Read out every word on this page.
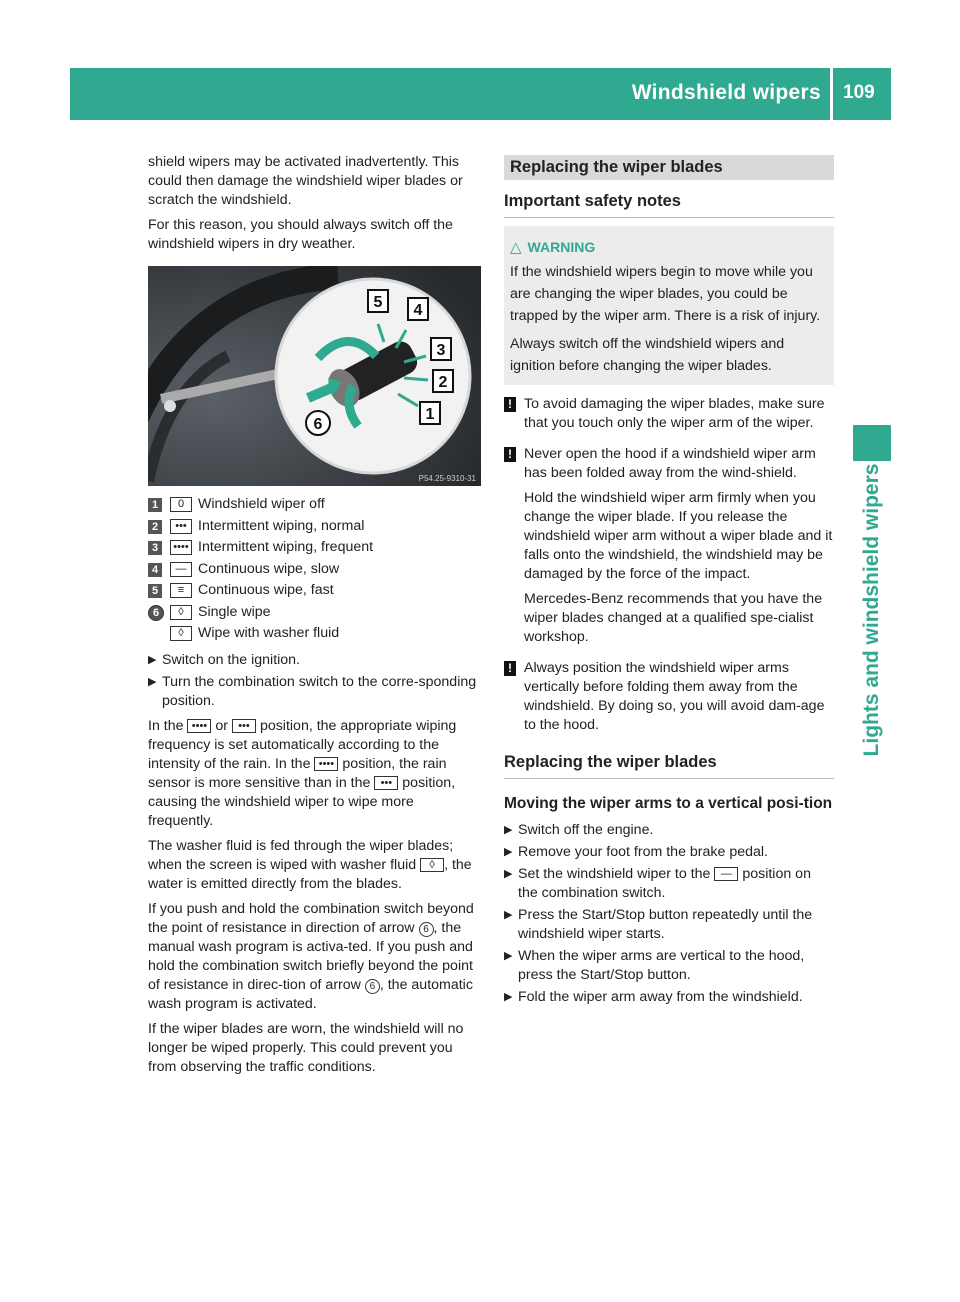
Windshield wipers 109
Lights and windshield wipers

shield wipers may be activated inadvertently. This could then damage the windshield wiper blades or scratch the windshield.

For this reason, you should always switch off the windshield wipers in dry weather.

5 4
3
2
1
6
P54.25-9310-31
1	0 Windshield wiper off
2	••• Intermittent wiping, normal
3	•••• Intermittent wiping, frequent
4	— Continuous wipe, slow
5	≡ Continuous wipe, fast
6	◊	Single wipe
◊	Wipe with washer fluid
▶ Switch on the ignition.
▶ Turn the combination switch to the corre-sponding position.

In the •••• or ••• position, the appropriate wiping frequency is set automatically according to the intensity of the rain. In the •••• position, the rain sensor is more sensitive than in the ••• position, causing the windshield wiper to wipe more frequently.

The washer fluid is fed through the wiper blades; when the screen is wiped with washer fluid ◊ , the water is emitted directly from the blades.

If you push and hold the combination switch beyond the point of resistance in direction of arrow 6 , the manual wash program is activa-ted. If you push and hold the combination switch briefly beyond the point of resistance in direc-tion of arrow 6 , the automatic wash program is activated.

If the wiper blades are worn, the windshield will no longer be wiped properly. This could prevent you from observing the traffic conditions.

Replacing the wiper blades
Important safety notes
△ WARNING

If the windshield wipers begin to move while you are changing the wiper blades, you could be trapped by the wiper arm. There is a risk of injury.

Always switch off the windshield wipers and ignition before changing the wiper blades.

! To avoid damaging the wiper blades, make sure that you touch only the wiper arm of the wiper.

! Never open the hood if a windshield wiper arm has been folded away from the wind-shield.

Hold the windshield wiper arm firmly when you change the wiper blade. If you release the windshield wiper arm without a wiper blade and it falls onto the windshield, the windshield may be damaged by the force of the impact.

Mercedes-Benz recommends that you have the wiper blades changed at a qualified spe-cialist workshop.

! Always position the windshield wiper arms vertically before folding them away from the windshield. By doing so, you will avoid dam-age to the hood.

Replacing the wiper blades
Moving the wiper arms to a vertical posi-tion
▶ Switch off the engine.
▶ Remove your foot from the brake pedal.
▶ Set the windshield wiper to the — position on the combination switch.
▶ Press the Start/Stop button repeatedly until the windshield wiper starts.
▶ When the wiper arms are vertical to the hood, press the Start/Stop button.
▶ Fold the wiper arm away from the windshield.
